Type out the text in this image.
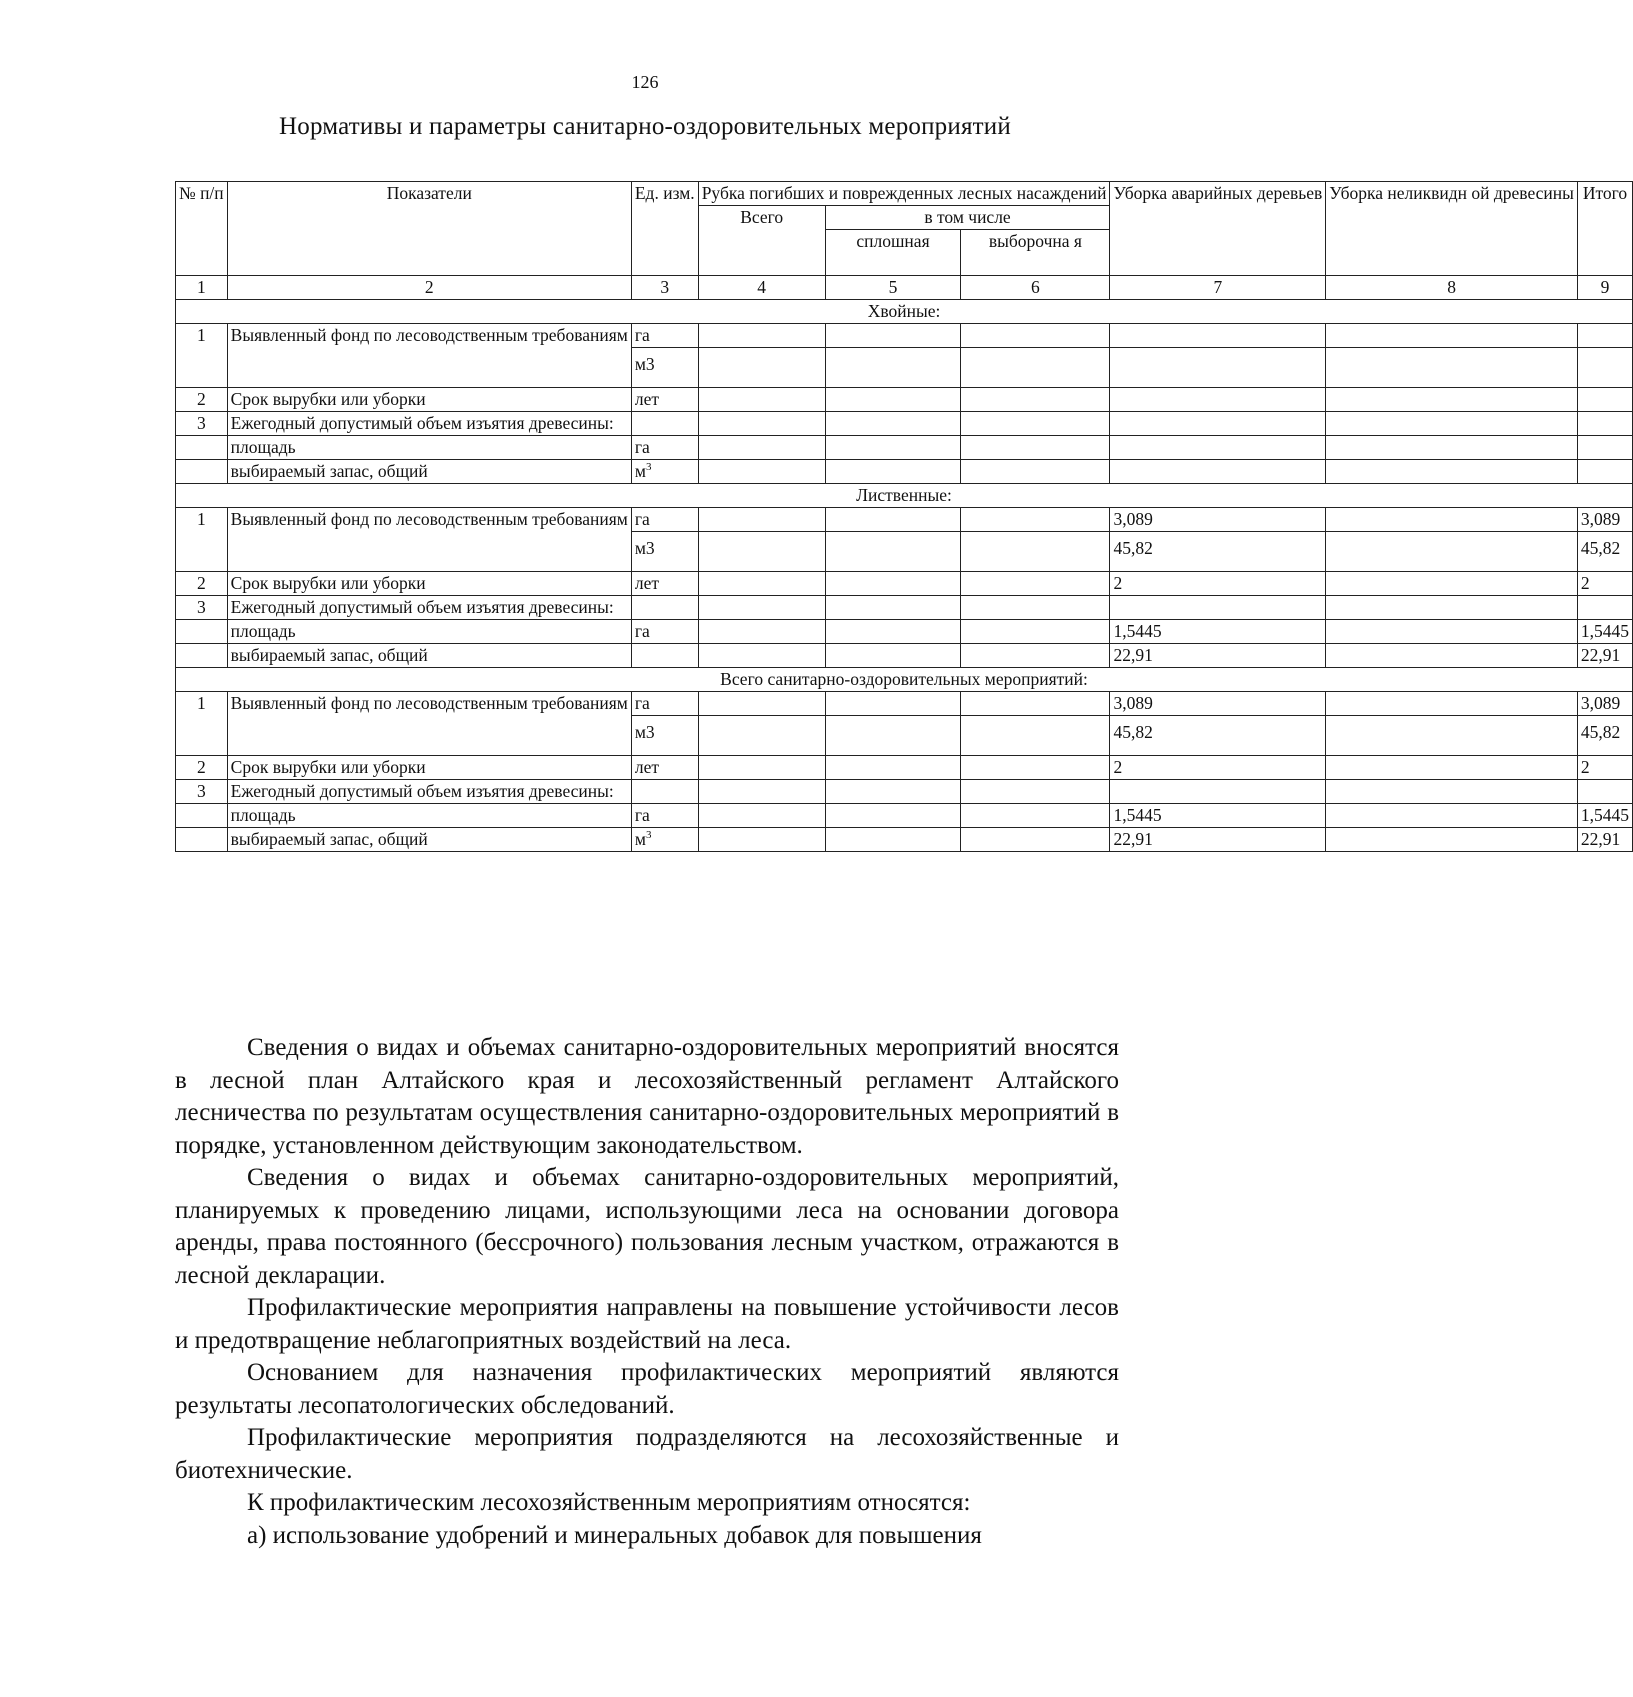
126
Нормативы и параметры санитарно-оздоровительных мероприятий
№ п/п	Показатели	Ед. изм.	Рубка погибших и поврежденных лесных насаждений			Уборка аварийных деревьев	Уборка неликвидн ой древесины	Итого
			Всего	в том числе				
				сплошная	выборочна я			

1	2	3	4	5	6	7	8	9
Хвойные:								
1	Выявленный фонд по лесоводственным требованиям	га						
		м3						
2	Срок вырубки или уборки	лет						
3	Ежегодный допустимый объем изъятия древесины:							
	площадь	га						
	выбираемый запас, общий	$м^3$						
Лиственные:								
1	Выявленный фонд по лесоводственным требованиям	га				3,089		3,089
		м3				45,82		45,82
2	Срок вырубки или уборки	лет				2		2
3	Ежегодный допустимый объем изъятия древесины:							
	площадь	га				1,5445		1,5445
	выбираемый запас, общий					22,91		22,91
Всего санитарно-оздоровительных мероприятий:								
1	Выявленный фонд по лесоводственным требованиям	га				3,089		3,089
		м3				45,82		45,82
2	Срок вырубки или уборки	лет				2		2
3	Ежегодный допустимый объем изъятия древесины:							
	площадь	га				1,5445		1,5445
	выбираемый запас, общий	$м^3$				22,91		22,91

Сведения о видах и объемах санитарно-оздоровительных мероприятий вносятся в лесной план Алтайского края и лесохозяйственный регламент Алтайского лесничества по результатам осуществления санитарно-оздоровительных мероприятий в порядке, установленном действующим законодательством.

Сведения о видах и объемах санитарно-оздоровительных мероприятий, планируемых к проведению лицами, использующими леса на основании договора аренды, права постоянного (бессрочного) пользования лесным участком, отражаются в лесной декларации.

Профилактические мероприятия направлены на повышение устойчивости лесов и предотвращение неблагоприятных воздействий на леса.

Основанием для назначения профилактических мероприятий являются результаты лесопатологических обследований.

Профилактические мероприятия подразделяются на лесохозяйственные и биотехнические.

К профилактическим лесохозяйственным мероприятиям относятся:

а) использование удобрений и минеральных добавок для повышения
